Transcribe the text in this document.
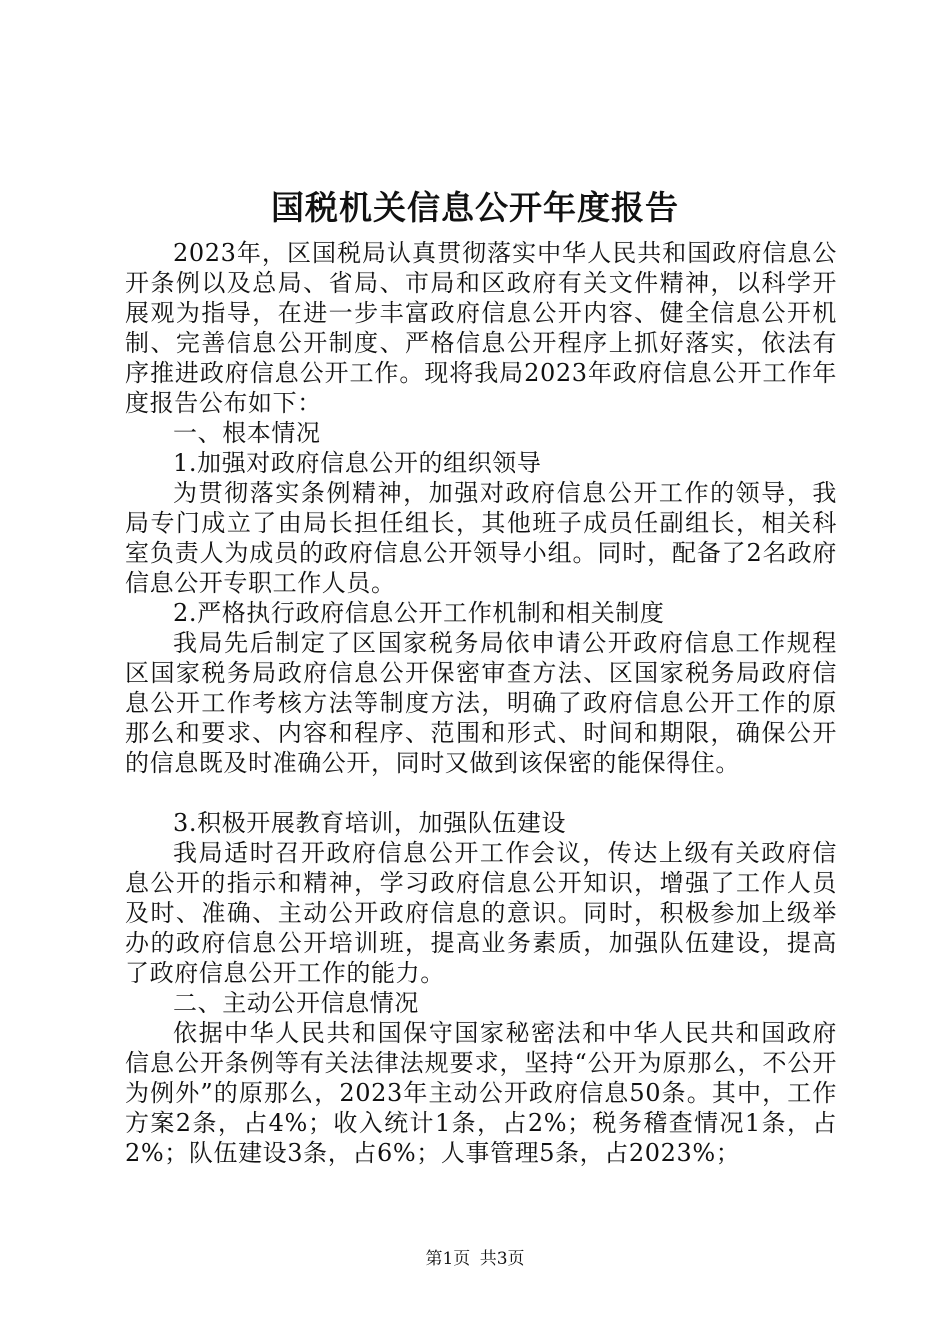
国税机关信息公开年度报告

2023年，区国税局认真贯彻落实中华人民共和国政府信息公开条例以及总局、省局、市局和区政府有关文件精神，以科学开展观为指导，在进一步丰富政府信息公开内容、健全信息公开机制、完善信息公开制度、严格信息公开程序上抓好落实，依法有序推进政府信息公开工作。现将我局2023年政府信息公开工作年度报告公布如下：

一、根本情况

1.加强对政府信息公开的组织领导

为贯彻落实条例精神，加强对政府信息公开工作的领导，我局专门成立了由局长担任组长，其他班子成员任副组长，相关科室负责人为成员的政府信息公开领导小组。同时，配备了2名政府信息公开专职工作人员。

2.严格执行政府信息公开工作机制和相关制度

我局先后制定了区国家税务局依申请公开政府信息工作规程区国家税务局政府信息公开保密审查方法、区国家税务局政府信息公开工作考核方法等制度方法，明确了政府信息公开工作的原那么和要求、内容和程序、范围和形式、时间和期限，确保公开的信息既及时准确公开，同时又做到该保密的能保得住。

3.积极开展教育培训，加强队伍建设

我局适时召开政府信息公开工作会议，传达上级有关政府信息公开的指示和精神，学习政府信息公开知识，增强了工作人员及时、准确、主动公开政府信息的意识。同时，积极参加上级举办的政府信息公开培训班，提高业务素质，加强队伍建设，提高了政府信息公开工作的能力。

二、主动公开信息情况

依据中华人民共和国保守国家秘密法和中华人民共和国政府信息公开条例等有关法律法规要求，坚持“公开为原那么，不公开为例外”的原那么，2023年主动公开政府信息50条。其中，工作方案2条，占4%；收入统计1条，占2%；税务稽查情况1条，占2%；队伍建设3条，占6%；人事管理5条，占2023%；

第1页 共3页
